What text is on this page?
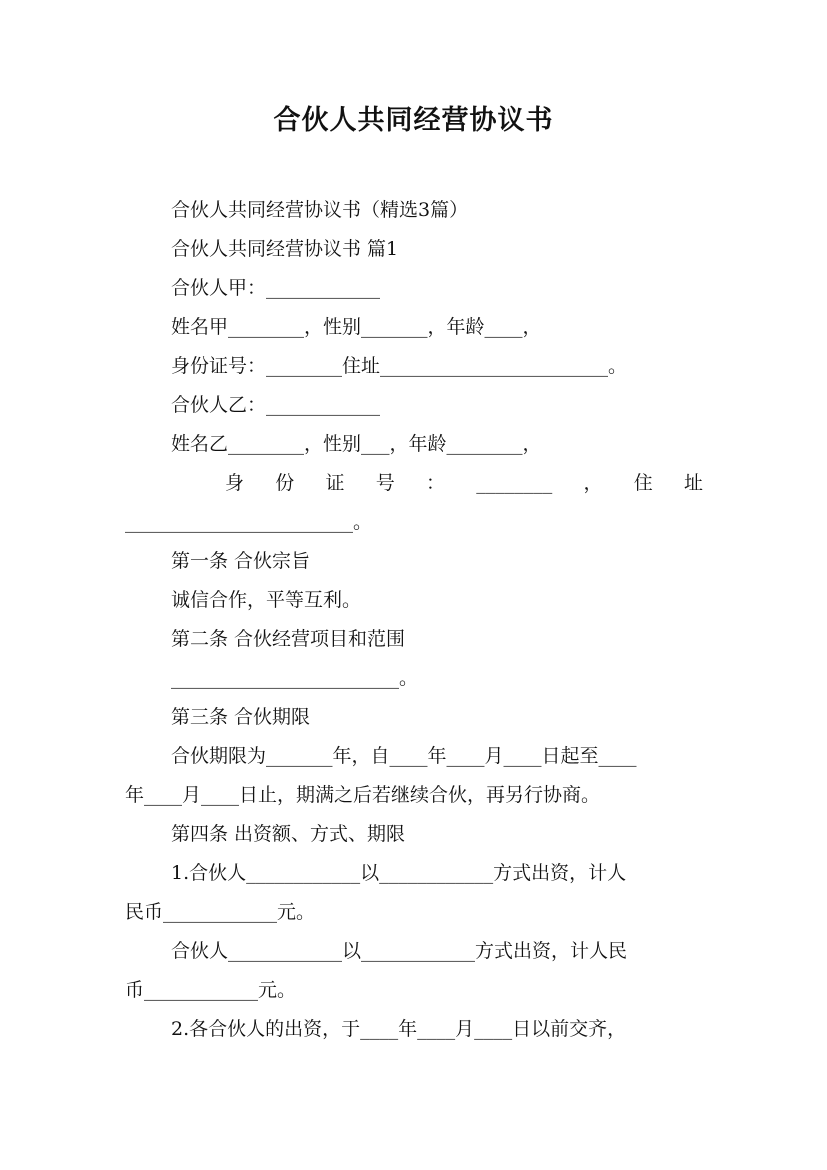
合伙人共同经营协议书
合伙人共同经营协议书（精选3篇）
合伙人共同经营协议书 篇1
合伙人甲：____________
姓名甲________，性别_______，年龄____，
身份证号：________住址________________________。
合伙人乙：____________
姓名乙________，性别___，年龄________，
身 份 证 号 ： ________ ， 住 址
________________________。
第一条 合伙宗旨
诚信合作，平等互利。
第二条 合伙经营项目和范围
________________________。
第三条 合伙期限
合伙期限为_______年，自____年____月____日起至____
年____月____日止，期满之后若继续合伙，再另行协商。
第四条 出资额、方式、期限
1.合伙人____________以____________方式出资，计人
民币____________元。
合伙人____________以____________方式出资，计人民
币____________元。
2.各合伙人的出资，于____年____月____日以前交齐，
